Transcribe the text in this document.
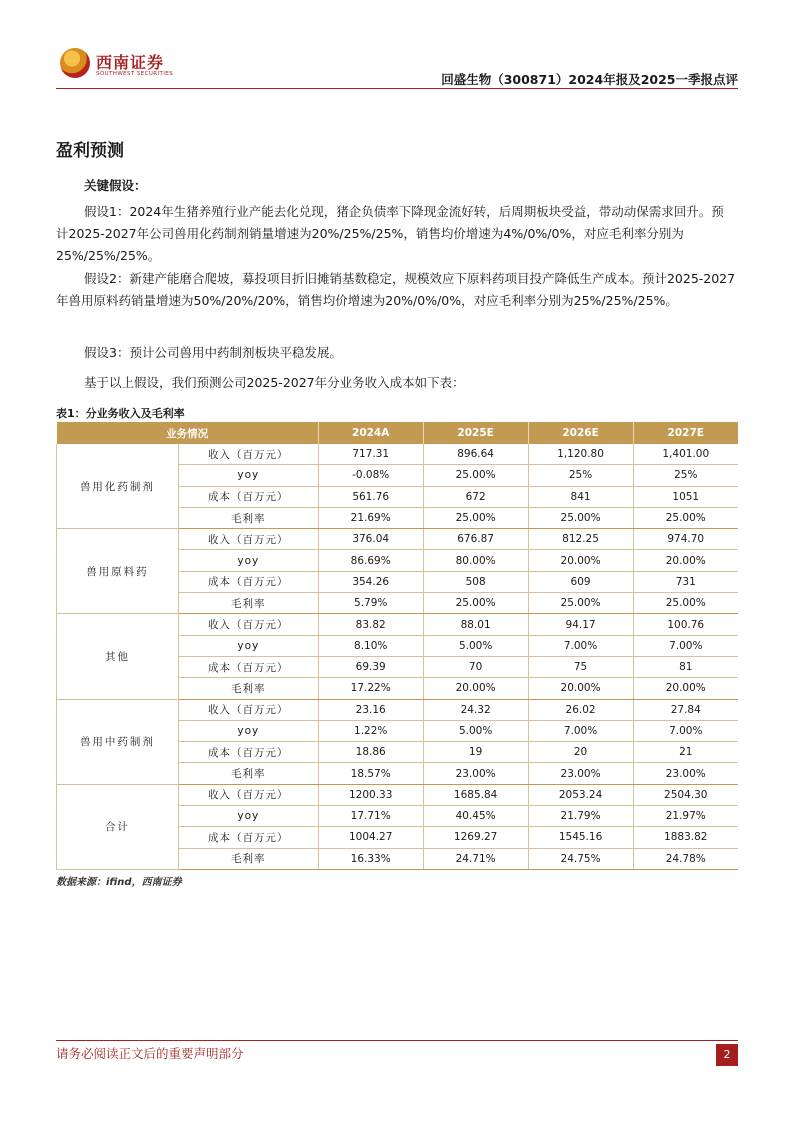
西南证券
SOUTHWEST SECURITIES	回盛生物（300871）2024年报及2025一季报点评
盈利预测
关键假设：

假设1：2024年生猪养殖行业产能去化兑现，猪企负债率下降现金流好转，后周期板块受益，带动动保需求回升。预计2025-2027年公司兽用化药制剂销量增速为20%/25%/25%，销售均价增速为4%/0%/0%，对应毛利率分别为25%/25%/25%。

假设2：新建产能磨合爬坡，募投项目折旧摊销基数稳定，规模效应下原料药项目投产降低生产成本。预计2025-2027年兽用原料药销量增速为50%/20%/20%，销售均价增速为20%/0%/0%，对应毛利率分别为25%/25%/25%。

假设3：预计公司兽用中药制剂板块平稳发展。

基于以上假设，我们预测公司2025-2027年分业务收入成本如下表：

表1：分业务收入及毛利率
业务情况		2024A	2025E	2026E	2027E
兽用化药制剂	收入（百万元）	717.31	896.64	1,120.80	1,401.00
	yoy	-0.08%	25.00%	25%	25%
	成本（百万元）	561.76	672	841	1051
	毛利率	21.69%	25.00%	25.00%	25.00%
兽用原料药	收入（百万元）	376.04	676.87	812.25	974.70
	yoy	86.69%	80.00%	20.00%	20.00%
	成本（百万元）	354.26	508	609	731
	毛利率	5.79%	25.00%	25.00%	25.00%
其他	收入（百万元）	83.82	88.01	94.17	100.76
	yoy	8.10%	5.00%	7.00%	7.00%
	成本（百万元）	69.39	70	75	81
	毛利率	17.22%	20.00%	20.00%	20.00%
兽用中药制剂	收入（百万元）	23.16	24.32	26.02	27.84
	yoy	1.22%	5.00%	7.00%	7.00%
	成本（百万元）	18.86	19	20	21
	毛利率	18.57%	23.00%	23.00%	23.00%
合计	收入（百万元）	1200.33	1685.84	2053.24	2504.30
	yoy	17.71%	40.45%	21.79%	21.97%
	成本（百万元）	1004.27	1269.27	1545.16	1883.82
	毛利率	16.33%	24.71%	24.75%	24.78%
数据来源：ifind，西南证券
请务必阅读正文后的重要声明部分	2
